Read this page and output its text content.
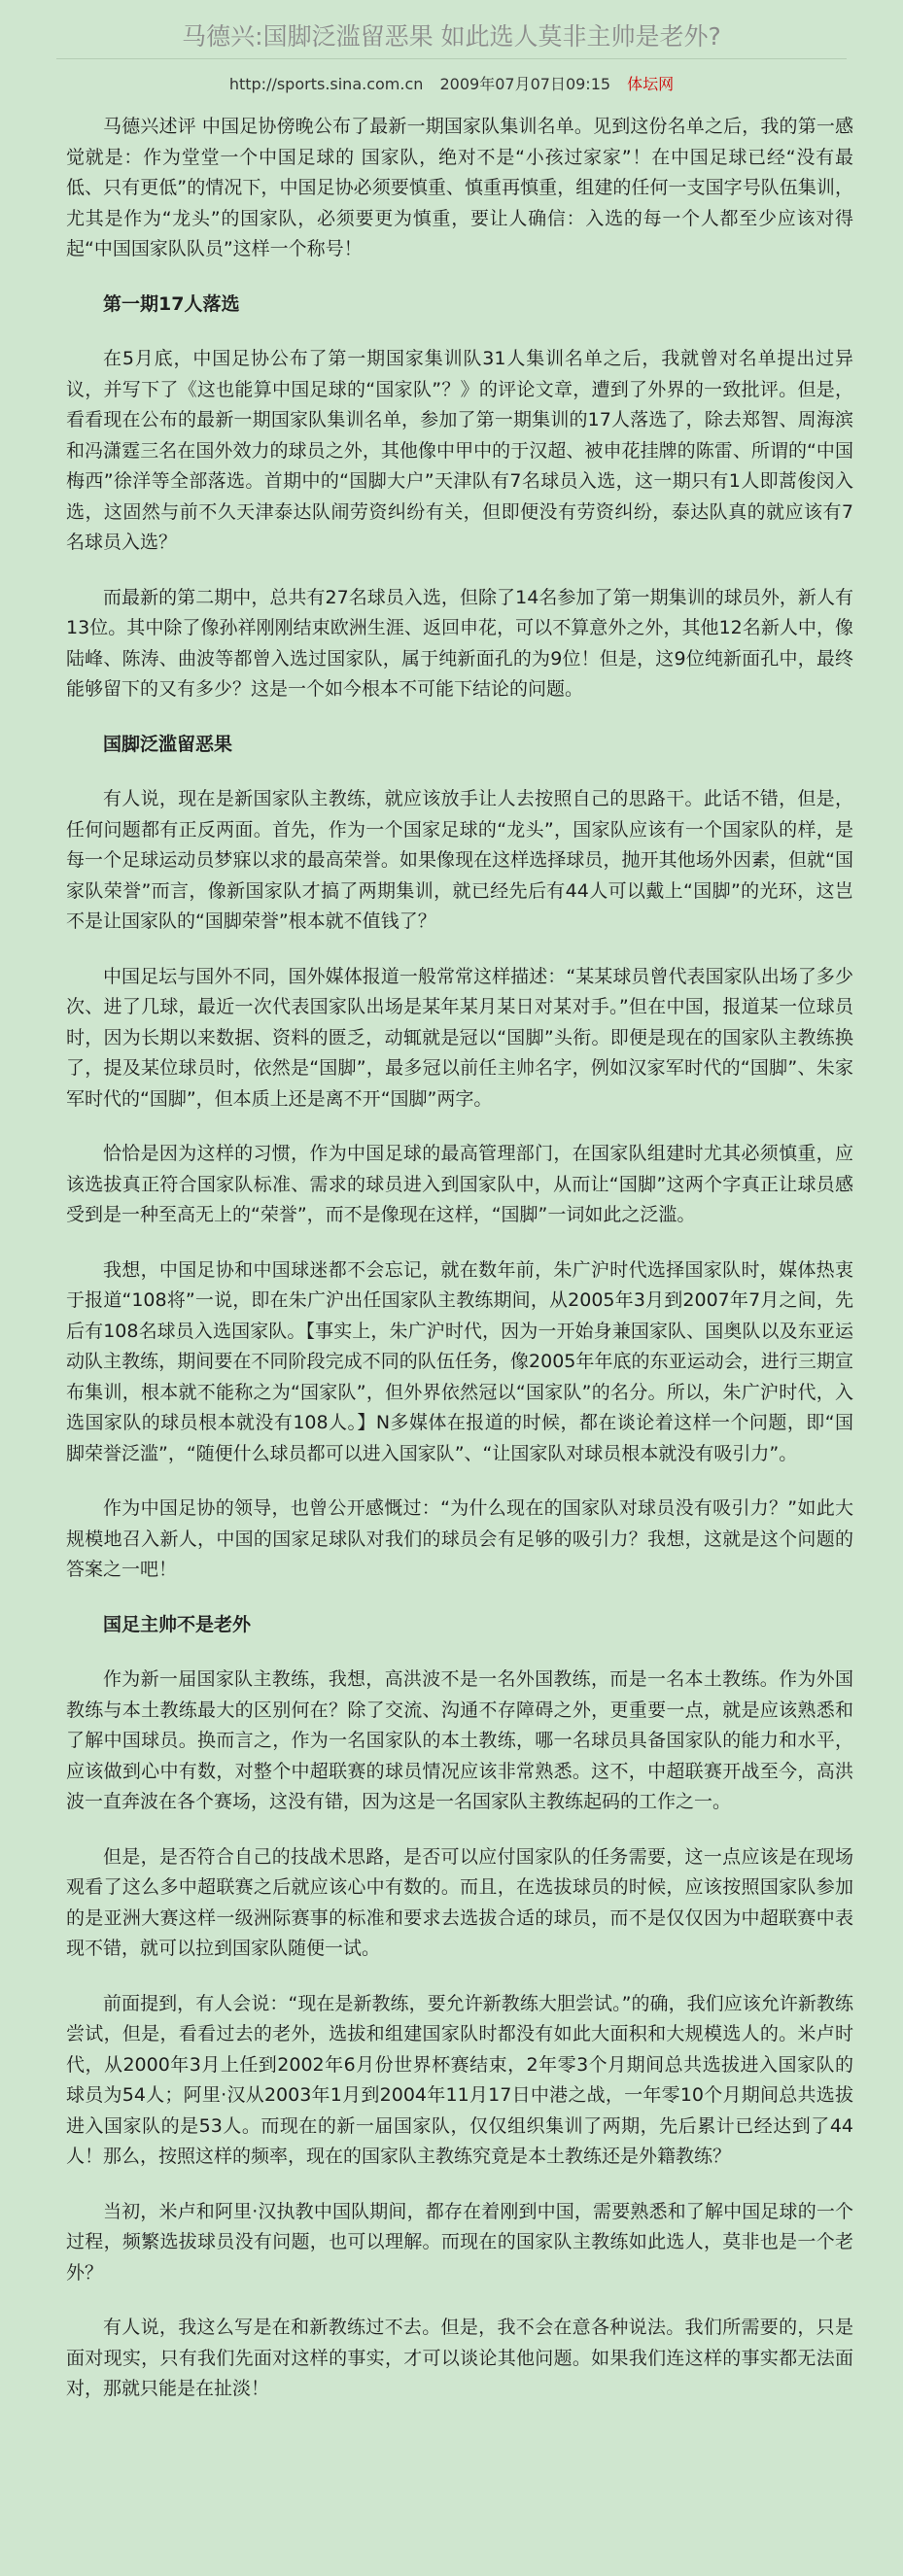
马德兴:国脚泛滥留恶果 如此选人莫非主帅是老外?
http://sports.sina.com.cn 2009年07月07日09:15 体坛网

马德兴述评 中国足协傍晚公布了最新一期国家队集训名单。见到这份名单之后，我的第一感觉就是：作为堂堂一个中国足球的 国家队，绝对不是“小孩过家家”！在中国足球已经“没有最低、只有更低”的情况下，中国足协必须要慎重、慎重再慎重，组建的任何一支国字号队伍集训，尤其是作为“龙头”的国家队，必须要更为慎重，要让人确信：入选的每一个人都至少应该对得起“中国国家队队员”这样一个称号！

第一期17人落选

在5月底，中国足协公布了第一期国家集训队31人集训名单之后，我就曾对名单提出过异议，并写下了《这也能算中国足球的“国家队”？》的评论文章，遭到了外界的一致批评。但是，看看现在公布的最新一期国家队集训名单，参加了第一期集训的17人落选了，除去郑智、周海滨和冯潇霆三名在国外效力的球员之外，其他像中甲中的于汉超、被申花挂牌的陈雷、所谓的“中国梅西”徐洋等全部落选。首期中的“国脚大户”天津队有7名球员入选，这一期只有1人即蒿俊闵入选，这固然与前不久天津泰达队闹劳资纠纷有关，但即便没有劳资纠纷，泰达队真的就应该有7名球员入选？

而最新的第二期中，总共有27名球员入选，但除了14名参加了第一期集训的球员外，新人有13位。其中除了像孙祥刚刚结束欧洲生涯、返回申花，可以不算意外之外，其他12名新人中，像陆峰、陈涛、曲波等都曾入选过国家队，属于纯新面孔的为9位！但是，这9位纯新面孔中，最终能够留下的又有多少？这是一个如今根本不可能下结论的问题。

国脚泛滥留恶果

有人说，现在是新国家队主教练，就应该放手让人去按照自己的思路干。此话不错，但是，任何问题都有正反两面。首先，作为一个国家足球的“龙头”，国家队应该有一个国家队的样，是每一个足球运动员梦寐以求的最高荣誉。如果像现在这样选择球员，抛开其他场外因素，但就“国家队荣誉”而言，像新国家队才搞了两期集训，就已经先后有44人可以戴上“国脚”的光环，这岂不是让国家队的“国脚荣誉”根本就不值钱了？

中国足坛与国外不同，国外媒体报道一般常常这样描述：“某某球员曾代表国家队出场了多少次、进了几球，最近一次代表国家队出场是某年某月某日对某对手。”但在中国，报道某一位球员时，因为长期以来数据、资料的匮乏，动辄就是冠以“国脚”头衔。即便是现在的国家队主教练换了，提及某位球员时，依然是“国脚”，最多冠以前任主帅名字，例如汉家军时代的“国脚”、朱家军时代的“国脚”，但本质上还是离不开“国脚”两字。

恰恰是因为这样的习惯，作为中国足球的最高管理部门，在国家队组建时尤其必须慎重，应该选拔真正符合国家队标准、需求的球员进入到国家队中，从而让“国脚”这两个字真正让球员感受到是一种至高无上的“荣誉”，而不是像现在这样，“国脚”一词如此之泛滥。

我想，中国足协和中国球迷都不会忘记，就在数年前，朱广沪时代选择国家队时，媒体热衷于报道“108将”一说，即在朱广沪出任国家队主教练期间，从2005年3月到2007年7月之间，先后有108名球员入选国家队。【事实上，朱广沪时代，因为一开始身兼国家队、国奥队以及东亚运动队主教练，期间要在不同阶段完成不同的队伍任务，像2005年年底的东亚运动会，进行三期宣布集训，根本就不能称之为“国家队”，但外界依然冠以“国家队”的名分。所以，朱广沪时代，入选国家队的球员根本就没有108人。】N多媒体在报道的时候，都在谈论着这样一个问题，即“国脚荣誉泛滥”，“随便什么球员都可以进入国家队”、“让国家队对球员根本就没有吸引力”。

作为中国足协的领导，也曾公开感慨过：“为什么现在的国家队对球员没有吸引力？”如此大规模地召入新人，中国的国家足球队对我们的球员会有足够的吸引力？我想，这就是这个问题的答案之一吧！

国足主帅不是老外

作为新一届国家队主教练，我想，高洪波不是一名外国教练，而是一名本土教练。作为外国教练与本土教练最大的区别何在？除了交流、沟通不存障碍之外，更重要一点，就是应该熟悉和了解中国球员。换而言之，作为一名国家队的本土教练，哪一名球员具备国家队的能力和水平，应该做到心中有数，对整个中超联赛的球员情况应该非常熟悉。这不，中超联赛开战至今，高洪波一直奔波在各个赛场，这没有错，因为这是一名国家队主教练起码的工作之一。

但是，是否符合自己的技战术思路，是否可以应付国家队的任务需要，这一点应该是在现场观看了这么多中超联赛之后就应该心中有数的。而且，在选拔球员的时候，应该按照国家队参加的是亚洲大赛这样一级洲际赛事的标准和要求去选拔合适的球员，而不是仅仅因为中超联赛中表现不错，就可以拉到国家队随便一试。

前面提到，有人会说：“现在是新教练，要允许新教练大胆尝试。”的确，我们应该允许新教练尝试，但是，看看过去的老外，选拔和组建国家队时都没有如此大面积和大规模选人的。米卢时代，从2000年3月上任到2002年6月份世界杯赛结束，2年零3个月期间总共选拔进入国家队的球员为54人；阿里·汉从2003年1月到2004年11月17日中港之战，一年零10个月期间总共选拔进入国家队的是53人。而现在的新一届国家队，仅仅组织集训了两期，先后累计已经达到了44人！那么，按照这样的频率，现在的国家队主教练究竟是本土教练还是外籍教练？

当初，米卢和阿里·汉执教中国队期间，都存在着刚到中国，需要熟悉和了解中国足球的一个过程，频繁选拔球员没有问题，也可以理解。而现在的国家队主教练如此选人，莫非也是一个老外？

有人说，我这么写是在和新教练过不去。但是，我不会在意各种说法。我们所需要的，只是面对现实，只有我们先面对这样的事实，才可以谈论其他问题。如果我们连这样的事实都无法面对，那就只能是在扯淡！
